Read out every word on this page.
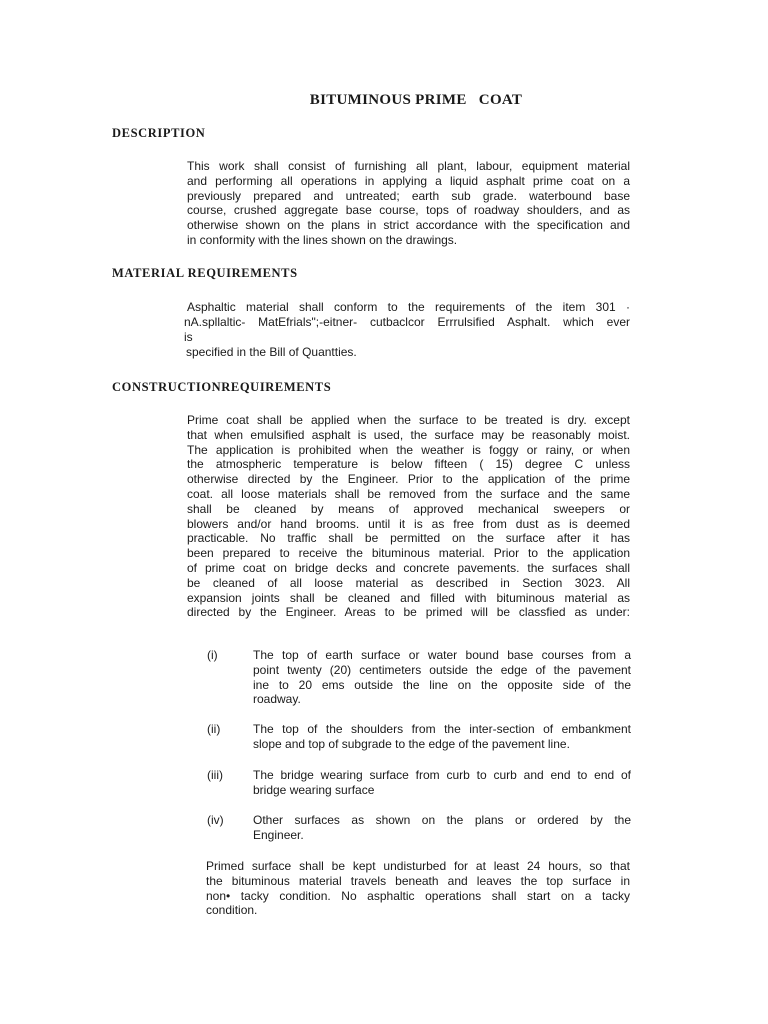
BITUMINOUS PRIME   COAT
DESCRIPTION
This work shall consist of furnishing all plant, labour, equipment material
and performing all operations in applying a liquid asphalt prime coat on a
previously prepared and untreated; earth sub grade. waterbound base
course, crushed aggregate base course, tops of roadway shoulders, and as
otherwise shown on the plans in strict accordance with the specification and
in conformity with the lines shown on the drawings.
MATERIAL REQUIREMENTS
Asphaltic material shall conform to the requirements of the item 301 ·
nA.spllaltic- MatEfrials";-eitner- cutbaclcor Errrulsified Asphalt. which ever
is
specified in the Bill of Quantties.
CONSTRUCTIONREQUIREMENTS
Prime coat shall be applied when the surface to be treated is dry. except
that when emulsified asphalt is used, the surface may be reasonably moist.
The application is prohibited when the weather is foggy or rainy, or when
the atmospheric temperature is below fifteen ( 15) degree C unless
otherwise directed by the Engineer. Prior to the application of the prime
coat. all loose materials shall be removed from the surface and the same
shall be cleaned by means of approved mechanical sweepers or
blowers and/or hand brooms. until it is as free from dust as is deemed
practicable. No traffic shall be permitted on the surface after it has
been prepared to receive the bituminous material. Prior to the application
of prime coat on bridge decks and concrete pavements. the surfaces shall
be cleaned of all loose material as described in Section 3023. All
expansion joints shall be cleaned and filled with bituminous material as
directed by the Engineer. Areas to be primed will be classfied as under:
(i)	The top of earth surface or water bound base courses from a
point twenty (20) centimeters outside the edge of the pavement
ine to 20 ems outside the line on the opposite side of the
roadway.
(ii)	The top of the shoulders from the inter-section of embankment
slope and top of subgrade to the edge of the pavement line.
(iii)	The bridge wearing surface from curb to curb and end to end of
bridge wearing surface
(iv) Other surfaces as shown on the plans or ordered by the
Engineer.
Primed surface shall be kept undisturbed for at least 24 hours, so that
the bituminous material travels beneath and leaves the top surface in
non• tacky condition. No asphaltic operations shall start on a tacky
condition.
